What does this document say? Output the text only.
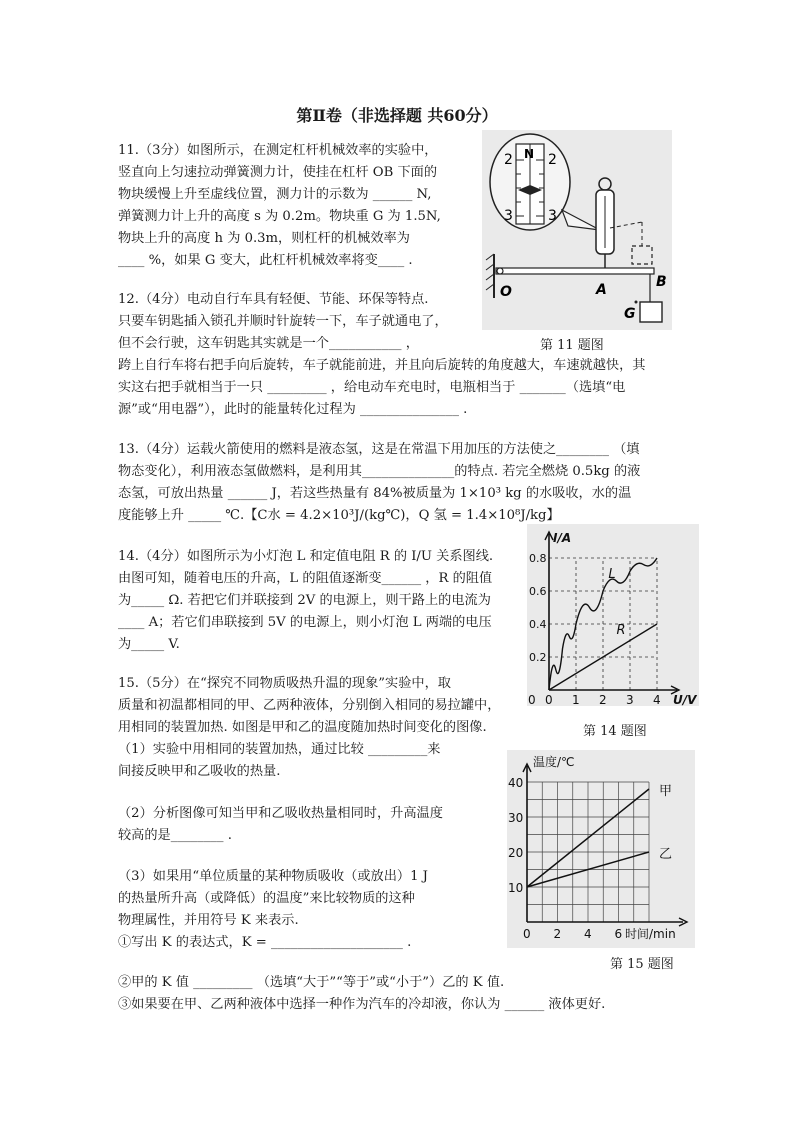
第Ⅱ卷（非选择题 共60分）
11.（3分）如图所示，在测定杠杆机械效率的实验中，
竖直向上匀速拉动弹簧测力计，使挂在杠杆 OB 下面的
物块缓慢上升至虚线位置，测力计的示数为 ______ N,
弹簧测力计上升的高度 s 为 0.2m。物块重 G 为 1.5N,
物块上升的高度 h 为 0.3m，则杠杆的机械效率为
____ %，如果 G 变大，此杠杆机械效率将变____ .
2	2
3	3
N
O	A	B
G
第 11 题图
12.（4分）电动自行车具有轻便、节能、环保等特点.
只要车钥匙插入锁孔并顺时针旋转一下，车子就通电了，
但不会行驶，这车钥匙其实就是一个___________ ，
跨上自行车将右把手向后旋转，车子就能前进，并且向后旋转的角度越大，车速就越快，其
实这右把手就相当于一只 _________ ，给电动车充电时，电瓶相当于 _______（选填“电
源”或“用电器”），此时的能量转化过程为 _______________ .
13.（4分）运载火箭使用的燃料是液态氢，这是在常温下用加压的方法使之________ （填
物态变化），利用液态氢做燃料，是利用其______________的特点. 若完全燃烧 0.5kg 的液
态氢，可放出热量 ______ J，若这些热量有 84%被质量为 1×10³ kg 的水吸收，水的温
度能够上升 _____ ℃.【C水 = 4.2×10³J/(kg℃)，Q 氢 = 1.4×10⁸J/kg】
14.（4分）如图所示为小灯泡 L 和定值电阻 R 的 I/U 关系图线.
由图可知，随着电压的升高，L 的阻值逐渐变______ ，R 的阻值
为_____ Ω. 若把它们并联接到 2V 的电源上，则干路上的电流为
____ A；若它们串联接到 5V 的电源上，则小灯泡 L 两端的电压
为_____ V.
0 1 2 3 4
0.2
0.4
0.6
0.8
I/A
U/V
0
L
R
第 14 题图
15.（5分）在“探究不同物质吸热升温的现象”实验中，取
质量和初温都相同的甲、乙两种液体，分别倒入相同的易拉罐中，
用相同的装置加热. 如图是甲和乙的温度随加热时间变化的图像.
（1）实验中用相同的装置加热，通过比较 _________来
间接反映甲和乙吸收的热量.
（2）分析图像可知当甲和乙吸收热量相同时，升高温度
较高的是________ .
（3）如果用“单位质量的某种物质吸收（或放出）1 J
的热量所升高（或降低）的温度”来比较物质的这种
物理属性，并用符号 K 来表示.
①写出 K 的表达式，K = ____________________ .
②甲的 K 值 _________ （选填“大于”“等于”或“小于”）乙的 K 值.
③如果要在甲、乙两种液体中选择一种作为汽车的冷却液，你认为 ______ 液体更好.
10
20
30
40
0 2 4 6
温度/℃
时间/min
甲
乙
第 15 题图
